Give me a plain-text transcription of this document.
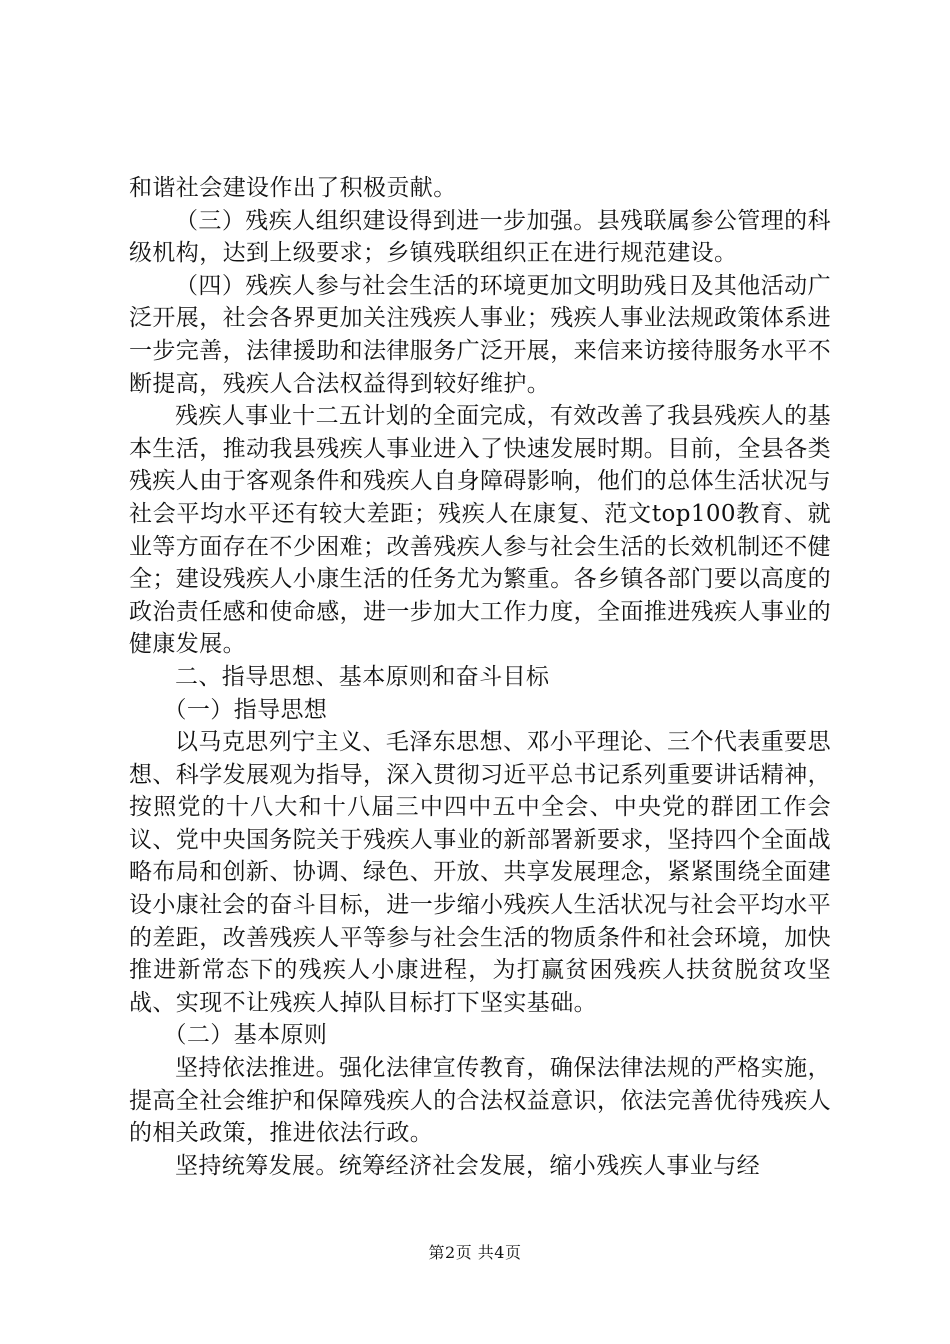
和谐社会建设作出了积极贡献。

（三）残疾人组织建设得到进一步加强。县残联属参公管理的科级机构，达到上级要求；乡镇残联组织正在进行规范建设。

（四）残疾人参与社会生活的环境更加文明助残日及其他活动广泛开展，社会各界更加关注残疾人事业；残疾人事业法规政策体系进一步完善，法律援助和法律服务广泛开展，来信来访接待服务水平不断提高，残疾人合法权益得到较好维护。

残疾人事业十二五计划的全面完成，有效改善了我县残疾人的基本生活，推动我县残疾人事业进入了快速发展时期。目前，全县各类残疾人由于客观条件和残疾人自身障碍影响，他们的总体生活状况与社会平均水平还有较大差距；残疾人在康复、范文top100教育、就业等方面存在不少困难；改善残疾人参与社会生活的长效机制还不健全；建设残疾人小康生活的任务尤为繁重。各乡镇各部门要以高度的政治责任感和使命感，进一步加大工作力度，全面推进残疾人事业的健康发展。

二、指导思想、基本原则和奋斗目标

（一）指导思想

以马克思列宁主义、毛泽东思想、邓小平理论、三个代表重要思想、科学发展观为指导，深入贯彻习近平总书记系列重要讲话精神，按照党的十八大和十八届三中四中五中全会、中央党的群团工作会议、党中央国务院关于残疾人事业的新部署新要求，坚持四个全面战略布局和创新、协调、绿色、开放、共享发展理念，紧紧围绕全面建设小康社会的奋斗目标，进一步缩小残疾人生活状况与社会平均水平的差距，改善残疾人平等参与社会生活的物质条件和社会环境，加快推进新常态下的残疾人小康进程，为打赢贫困残疾人扶贫脱贫攻坚战、实现不让残疾人掉队目标打下坚实基础。

（二）基本原则

坚持依法推进。强化法律宣传教育，确保法律法规的严格实施，提高全社会维护和保障残疾人的合法权益意识，依法完善优待残疾人的相关政策，推进依法行政。

坚持统筹发展。统筹经济社会发展，缩小残疾人事业与经

第2页 共4页
